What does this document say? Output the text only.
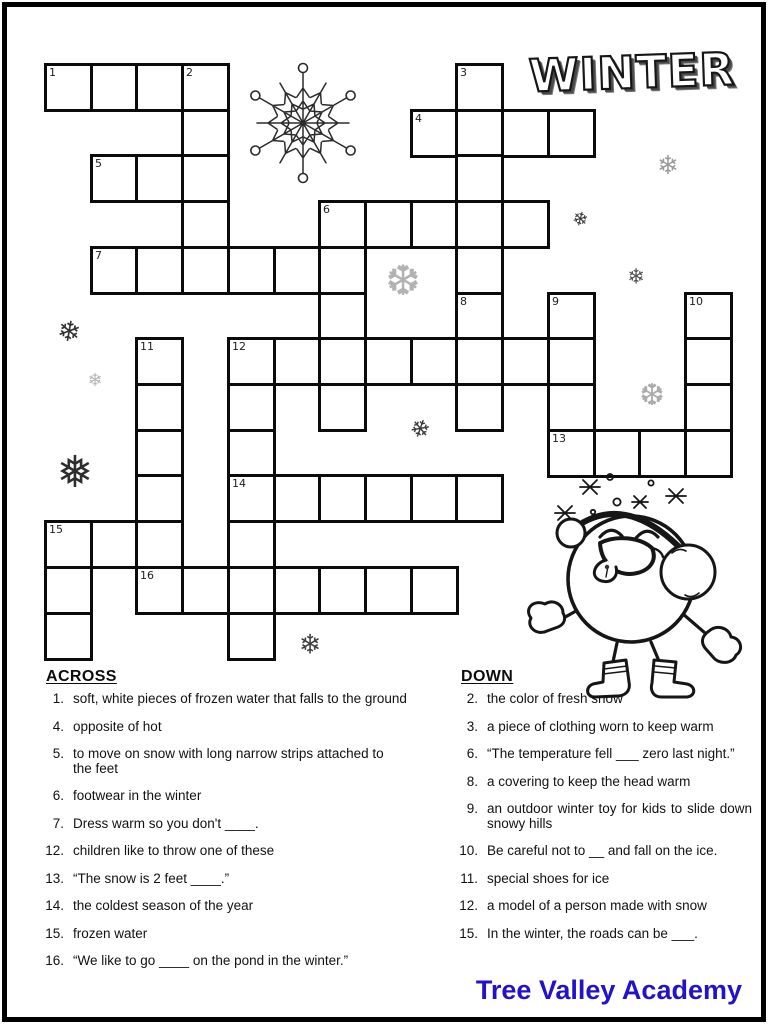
WINTER
1	2	3
4
5
6
7
8	9	10
11	12
13
14
15
16
❄
❄
❄
❆
❄
❄	❆
❄
❅
❄
ACROSS	DOWN
1. soft, white pieces of frozen water that falls to the ground
4. opposite of hot
5. to move on snow with long narrow strips attached to the feet
6. footwear in the winter
7. Dress warm so you don't ____.
12. children like to throw one of these
13. “The snow is 2 feet ____.”
14. the coldest season of the year
15. frozen water
16. “We like to go ____ on the pond in the winter.”
2. the color of fresh snow
3. a piece of clothing worn to keep warm
6. “The temperature fell ___ zero last night.”
8. a covering to keep the head warm
9. an outdoor winter toy for kids to slide down snowy hills
10. Be careful not to __ and fall on the ice.
11. special shoes for ice
12. a model of a person made with snow
15. In the winter, the roads can be ___.
Tree Valley Academy
